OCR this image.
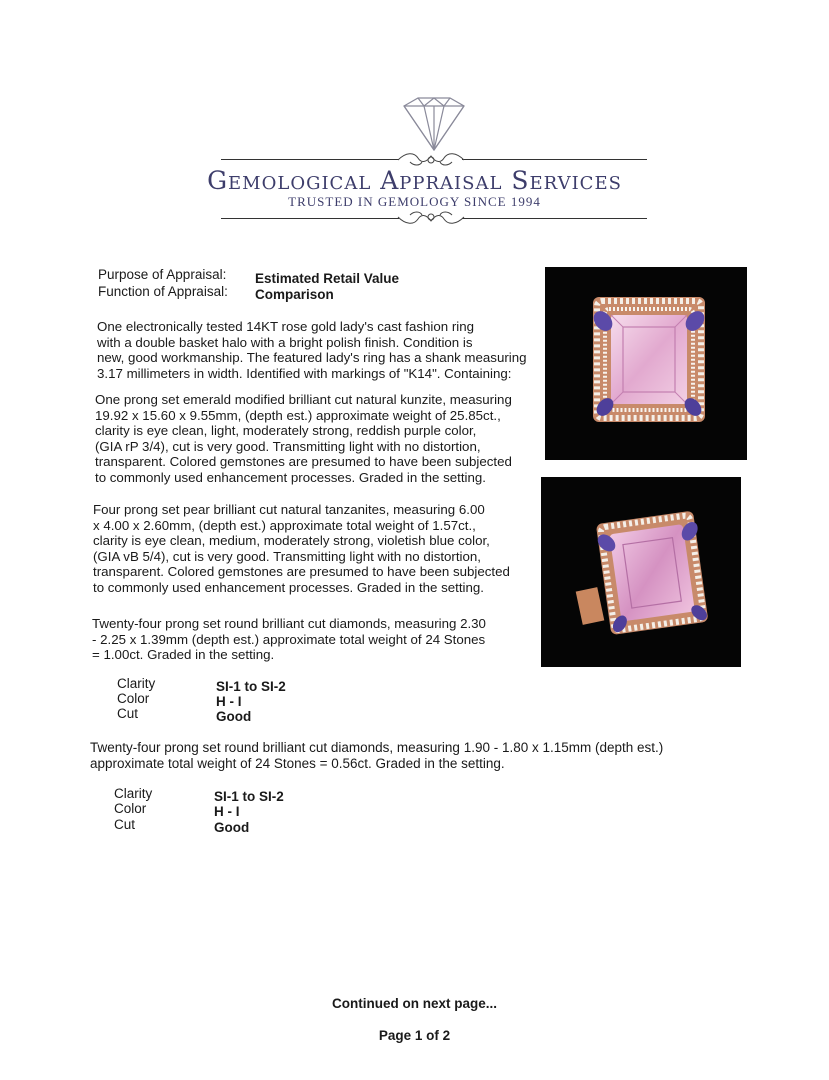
Gemological Appraisal Services
TRUSTED IN GEMOLOGY SINCE 1994
Purpose of Appraisal: Estimated Retail Value
Function of Appraisal: Comparison
One electronically tested 14KT rose gold lady's cast fashion ring
with a double basket halo with a bright polish finish. Condition is
new, good workmanship. The featured lady's ring has a shank measuring
3.17 millimeters in width. Identified with markings of "K14". Containing:
One prong set emerald modified brilliant cut natural kunzite, measuring
19.92 x 15.60 x 9.55mm, (depth est.) approximate weight of 25.85ct.,
clarity is eye clean, light, moderately strong, reddish purple color,
(GIA rP 3/4), cut is very good. Transmitting light with no distortion,
transparent. Colored gemstones are presumed to have been subjected
to commonly used enhancement processes. Graded in the setting.
Four prong set pear brilliant cut natural tanzanites, measuring 6.00
x 4.00 x 2.60mm, (depth est.) approximate total weight of 1.57ct.,
clarity is eye clean, medium, moderately strong, violetish blue color,
(GIA vB 5/4), cut is very good. Transmitting light with no distortion,
transparent. Colored gemstones are presumed to have been subjected
to commonly used enhancement processes. Graded in the setting.
Twenty-four prong set round brilliant cut diamonds, measuring 2.30
- 2.25 x 1.39mm (depth est.) approximate total weight of 24 Stones
= 1.00ct. Graded in the setting.
Clarity	SI-1 to SI-2
Color	H - I
Cut	Good
Twenty-four prong set round brilliant cut diamonds, measuring 1.90 - 1.80 x 1.15mm (depth est.)
approximate total weight of 24 Stones = 0.56ct. Graded in the setting.
Clarity	SI-1 to SI-2
Color	H - I
Cut	Good
Continued on next page...
Page 1 of 2
